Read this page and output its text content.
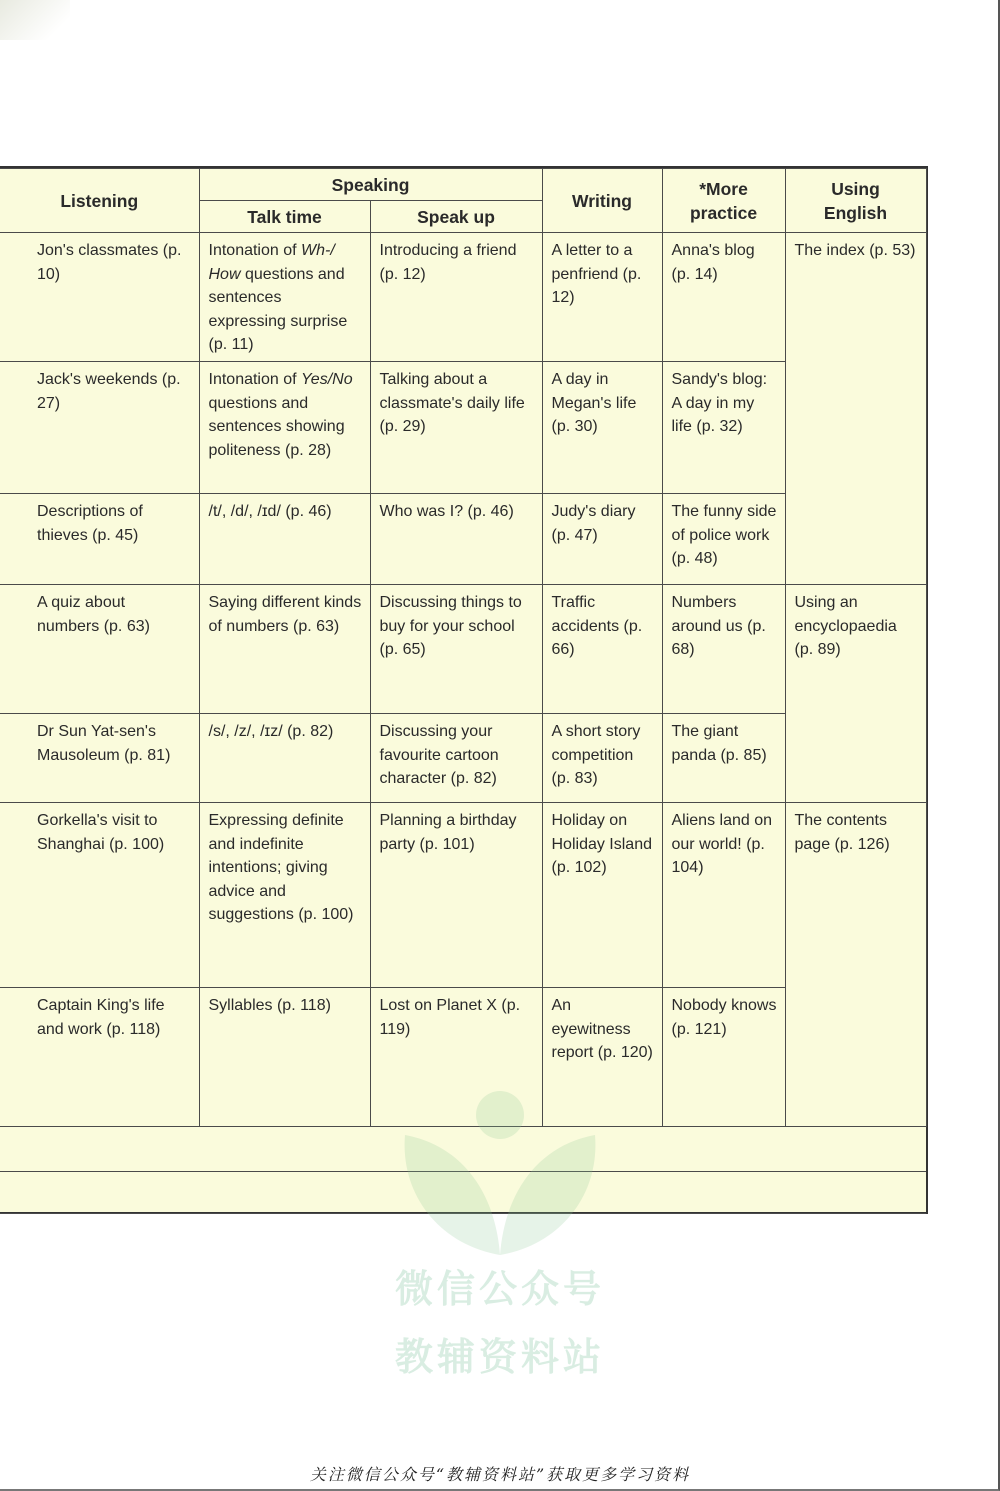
Listening	Speaking		Writing	*More practice	Using English
	Talk time	Speak up			
Jon's classmates (p. 10)	Intonation of Wh-/ How questions and sentences expressing surprise (p. 11)	Introducing a friend (p. 12)	A letter to a penfriend (p. 12)	Anna's blog (p. 14)	The index (p. 53)
Jack's weekends (p. 27)	Intonation of Yes/No questions and sentences showing politeness (p. 28)	Talking about a classmate's daily life (p. 29)	A day in Megan's life (p. 30)	Sandy's blog: A day in my life (p. 32)	
Descriptions of thieves (p. 45)	/t/, /d/, /ɪd/ (p. 46)	Who was I? (p. 46)	Judy's diary (p. 47)	The funny side of police work (p. 48)	
A quiz about numbers (p. 63)	Saying different kinds of numbers (p. 63)	Discussing things to buy for your school (p. 65)	Traffic accidents (p. 66)	Numbers around us (p. 68)	Using an encyclopaedia (p. 89)
Dr Sun Yat-sen's Mausoleum (p. 81)	/s/, /z/, /ɪz/ (p. 82)	Discussing your favourite cartoon character (p. 82)	A short story competition (p. 83)	The giant panda (p. 85)	
Gorkella's visit to Shanghai (p. 100)	Expressing definite and indefinite intentions; giving advice and suggestions (p. 100)	Planning a birthday party (p. 101)	Holiday on Holiday Island (p. 102)	Aliens land on our world! (p. 104)	The contents page (p. 126)
Captain King's life and work (p. 118)	Syllables (p. 118)	Lost on Planet X (p. 119)	An eyewitness report (p. 120)	Nobody knows (p. 121)	

微信公众号
教辅资料站
关注微信公众号“教辅资料站”获取更多学习资料
